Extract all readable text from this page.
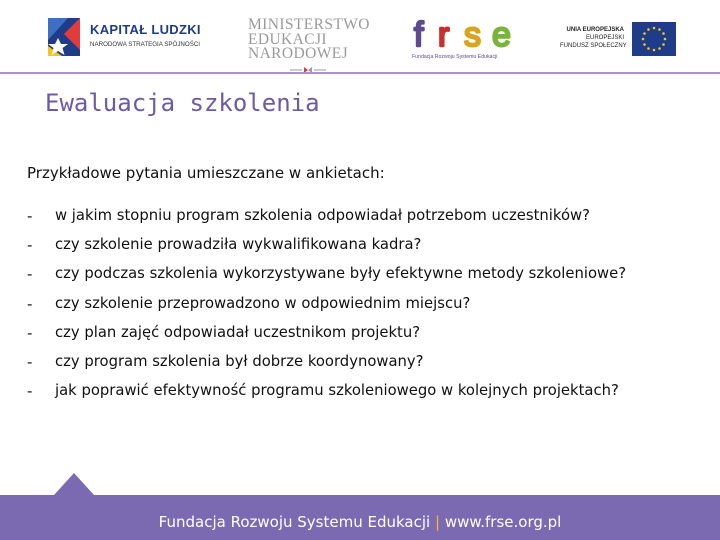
KAPITAŁ LUDZKI
NARODOWA STRATEGIA SPÓJNOŚCI
MINISTERSTWO
EDUKACJI
NARODOWEJ	f r s e
Fundacja Rozwoju Systemu Edukacji
UNIA EUROPEJSKA
EUROPEJSKI
FUNDUSZ SPOŁECZNY
Ewaluacja szkolenia
Przykładowe pytania umieszczane w ankietach:
- w jakim stopniu program szkolenia odpowiadał potrzebom uczestników?
- czy szkolenie prowadziła wykwalifikowana kadra?
- czy podczas szkolenia wykorzystywane były efektywne metody szkoleniowe?
- czy szkolenie przeprowadzono w odpowiednim miejscu?
- czy plan zajęć odpowiadał uczestnikom projektu?
- czy program szkolenia był dobrze koordynowany?
- jak poprawić efektywność programu szkoleniowego w kolejnych projektach?
Fundacja Rozwoju Systemu Edukacji | www.frse.org.pl
